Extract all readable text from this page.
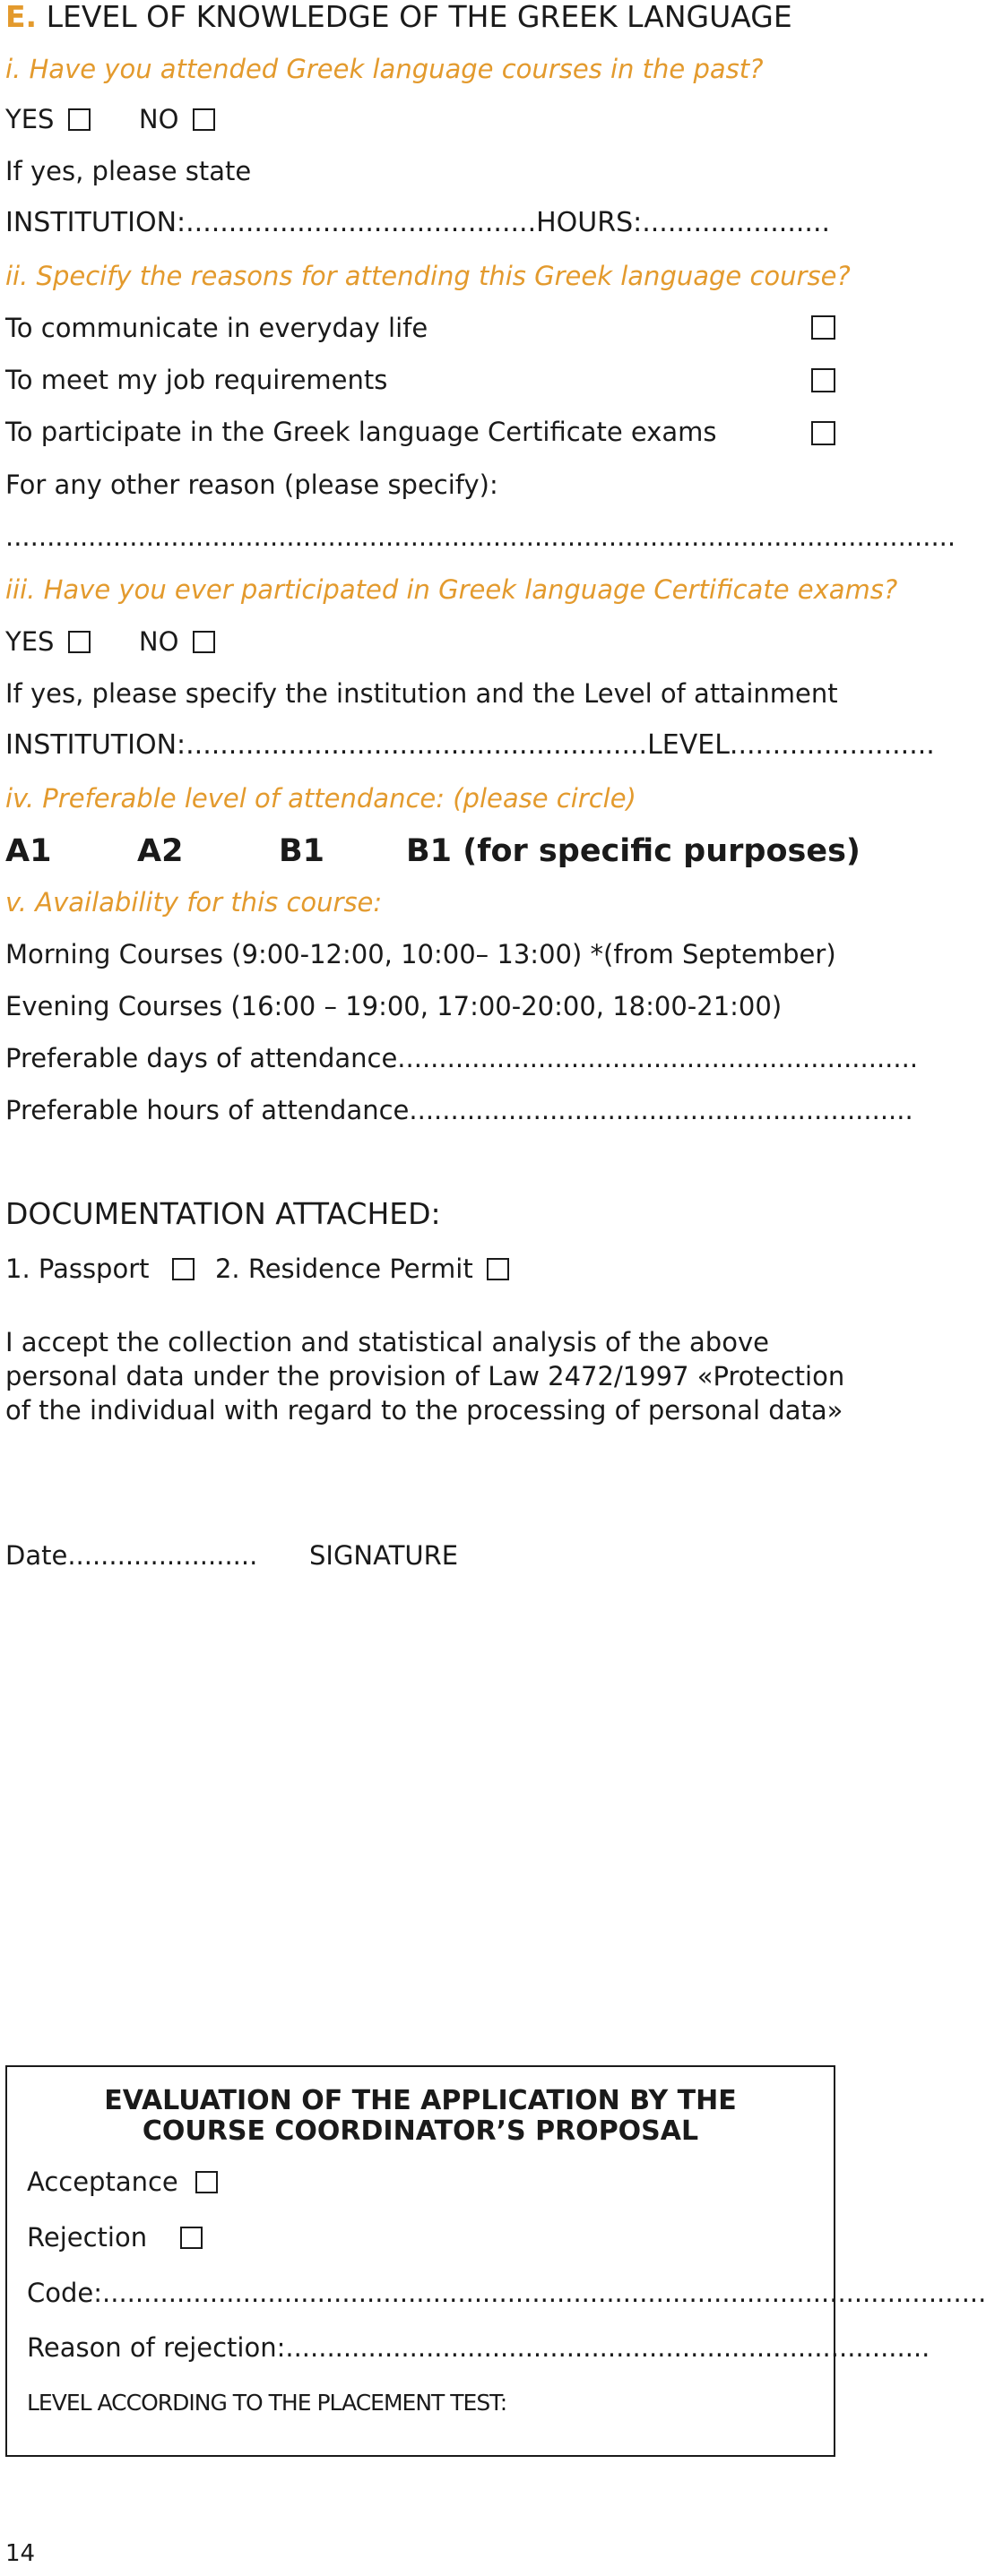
E. LEVEL OF KNOWLEDGE OF THE GREEK LANGUAGE
i. Have you attended Greek language courses in the past?
YES	NO
If yes, please state
INSTITUTION:.........................................HOURS:......................
ii. Specify the reasons for attending this Greek language course?
To communicate in everyday life
To meet my job requirements
To participate in the Greek language Certificate exams
For any other reason (please specify):
...................................................................................................................
iii. Have you ever participated in Greek language Certificate exams?
YES	NO
If yes, please specify the institution and the Level of attainment
INSTITUTION:......................................................LEVEL........................
iv. Preferable level of attendance: (please circle)
A1	A2	B1	B1 (for specific purposes)
v. Availability for this course:
Morning Courses (9:00-12:00, 10:00– 13:00) *(from September)
Evening Courses (16:00 – 19:00, 17:00-20:00, 18:00-21:00)
Preferable days of attendance...............................................................
Preferable hours of attendance.............................................................
DOCUMENTATION ATTACHED:
1. Passport	2. Residence Permit
I accept the collection and statistical analysis of the above
personal data under the provision of Law 2472/1997 «Protection
of the individual with regard to the processing of personal data»
Date....................... SIGNATURE
EVALUATION OF THE APPLICATION BY THE
COURSE COORDINATOR’S PROPOSAL
Acceptance
Rejection
Code:...........................................................................................................
Reason of rejection:..............................................................................
LEVEL ACCORDING TO THE PLACEMENT TEST:
14
